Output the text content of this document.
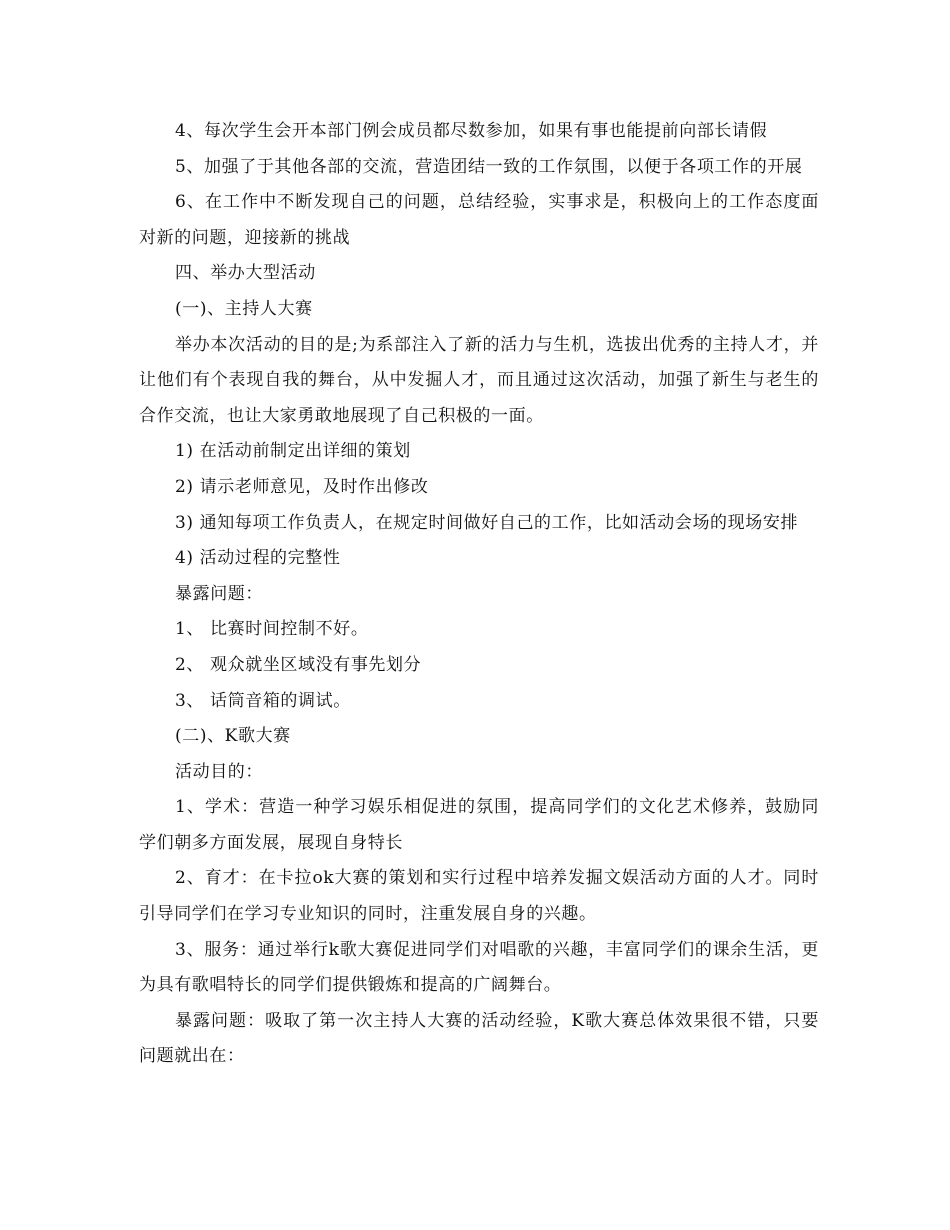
4、每次学生会开本部门例会成员都尽数参加，如果有事也能提前向部长请假

5、加强了于其他各部的交流，营造团结一致的工作氛围，以便于各项工作的开展

6、在工作中不断发现自己的问题，总结经验，实事求是，积极向上的工作态度面对新的问题，迎接新的挑战

四、举办大型活动

(一)、主持人大赛

举办本次活动的目的是;为系部注入了新的活力与生机，选拔出优秀的主持人才，并让他们有个表现自我的舞台，从中发掘人才，而且通过这次活动，加强了新生与老生的合作交流，也让大家勇敢地展现了自己积极的一面。

1) 在活动前制定出详细的策划

2) 请示老师意见，及时作出修改

3) 通知每项工作负责人，在规定时间做好自己的工作，比如活动会场的现场安排

4) 活动过程的完整性

暴露问题：

1、 比赛时间控制不好。

2、 观众就坐区域没有事先划分

3、 话筒音箱的调试。

(二)、K歌大赛

活动目的：

1、学术：营造一种学习娱乐相促进的氛围，提高同学们的文化艺术修养，鼓励同学们朝多方面发展，展现自身特长

2、育才：在卡拉ok大赛的策划和实行过程中培养发掘文娱活动方面的人才。同时引导同学们在学习专业知识的同时，注重发展自身的兴趣。

3、服务：通过举行k歌大赛促进同学们对唱歌的兴趣，丰富同学们的课余生活，更为具有歌唱特长的同学们提供锻炼和提高的广阔舞台。

暴露问题：吸取了第一次主持人大赛的活动经验，K歌大赛总体效果很不错，只要问题就出在：
